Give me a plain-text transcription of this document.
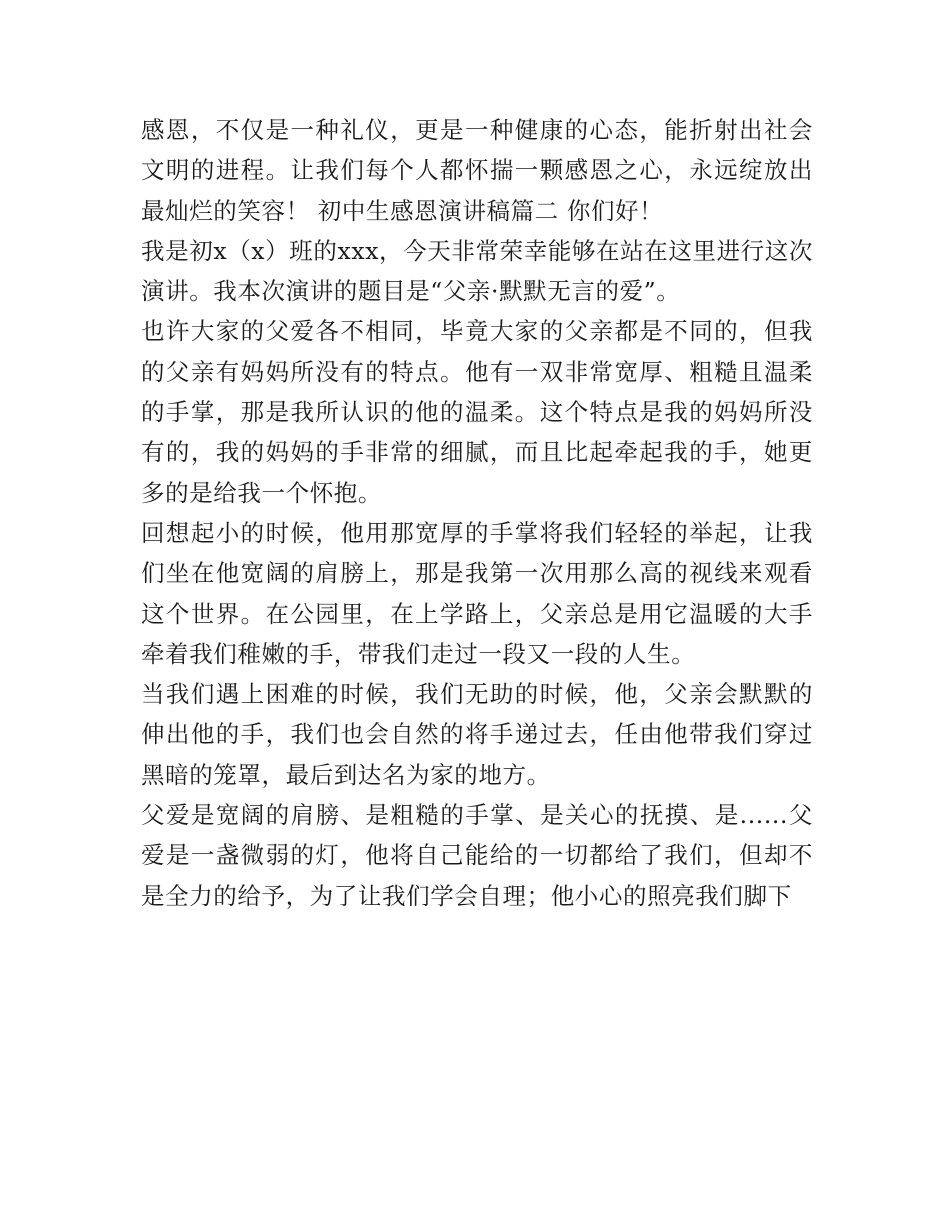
感恩，不仅是一种礼仪，更是一种健康的心态，能折射出社会文明的进程。让我们每个人都怀揣一颗感恩之心，永远绽放出最灿烂的笑容！ 初中生感恩演讲稿篇二 你们好！

我是初x（x）班的xxx，今天非常荣幸能够在站在这里进行这次演讲。我本次演讲的题目是“父亲·默默无言的爱”。

也许大家的父爱各不相同，毕竟大家的父亲都是不同的，但我的父亲有妈妈所没有的特点。他有一双非常宽厚、粗糙且温柔的手掌，那是我所认识的他的温柔。这个特点是我的妈妈所没有的，我的妈妈的手非常的细腻，而且比起牵起我的手，她更多的是给我一个怀抱。

回想起小的时候，他用那宽厚的手掌将我们轻轻的举起，让我们坐在他宽阔的肩膀上，那是我第一次用那么高的视线来观看这个世界。在公园里，在上学路上，父亲总是用它温暖的大手牵着我们稚嫩的手，带我们走过一段又一段的人生。

当我们遇上困难的时候，我们无助的时候，他，父亲会默默的伸出他的手，我们也会自然的将手递过去，任由他带我们穿过黑暗的笼罩，最后到达名为家的地方。

父爱是宽阔的肩膀、是粗糙的手掌、是关心的抚摸、是......父爱是一盏微弱的灯，他将自己能给的一切都给了我们，但却不是全力的给予，为了让我们学会自理；他小心的照亮我们脚下
